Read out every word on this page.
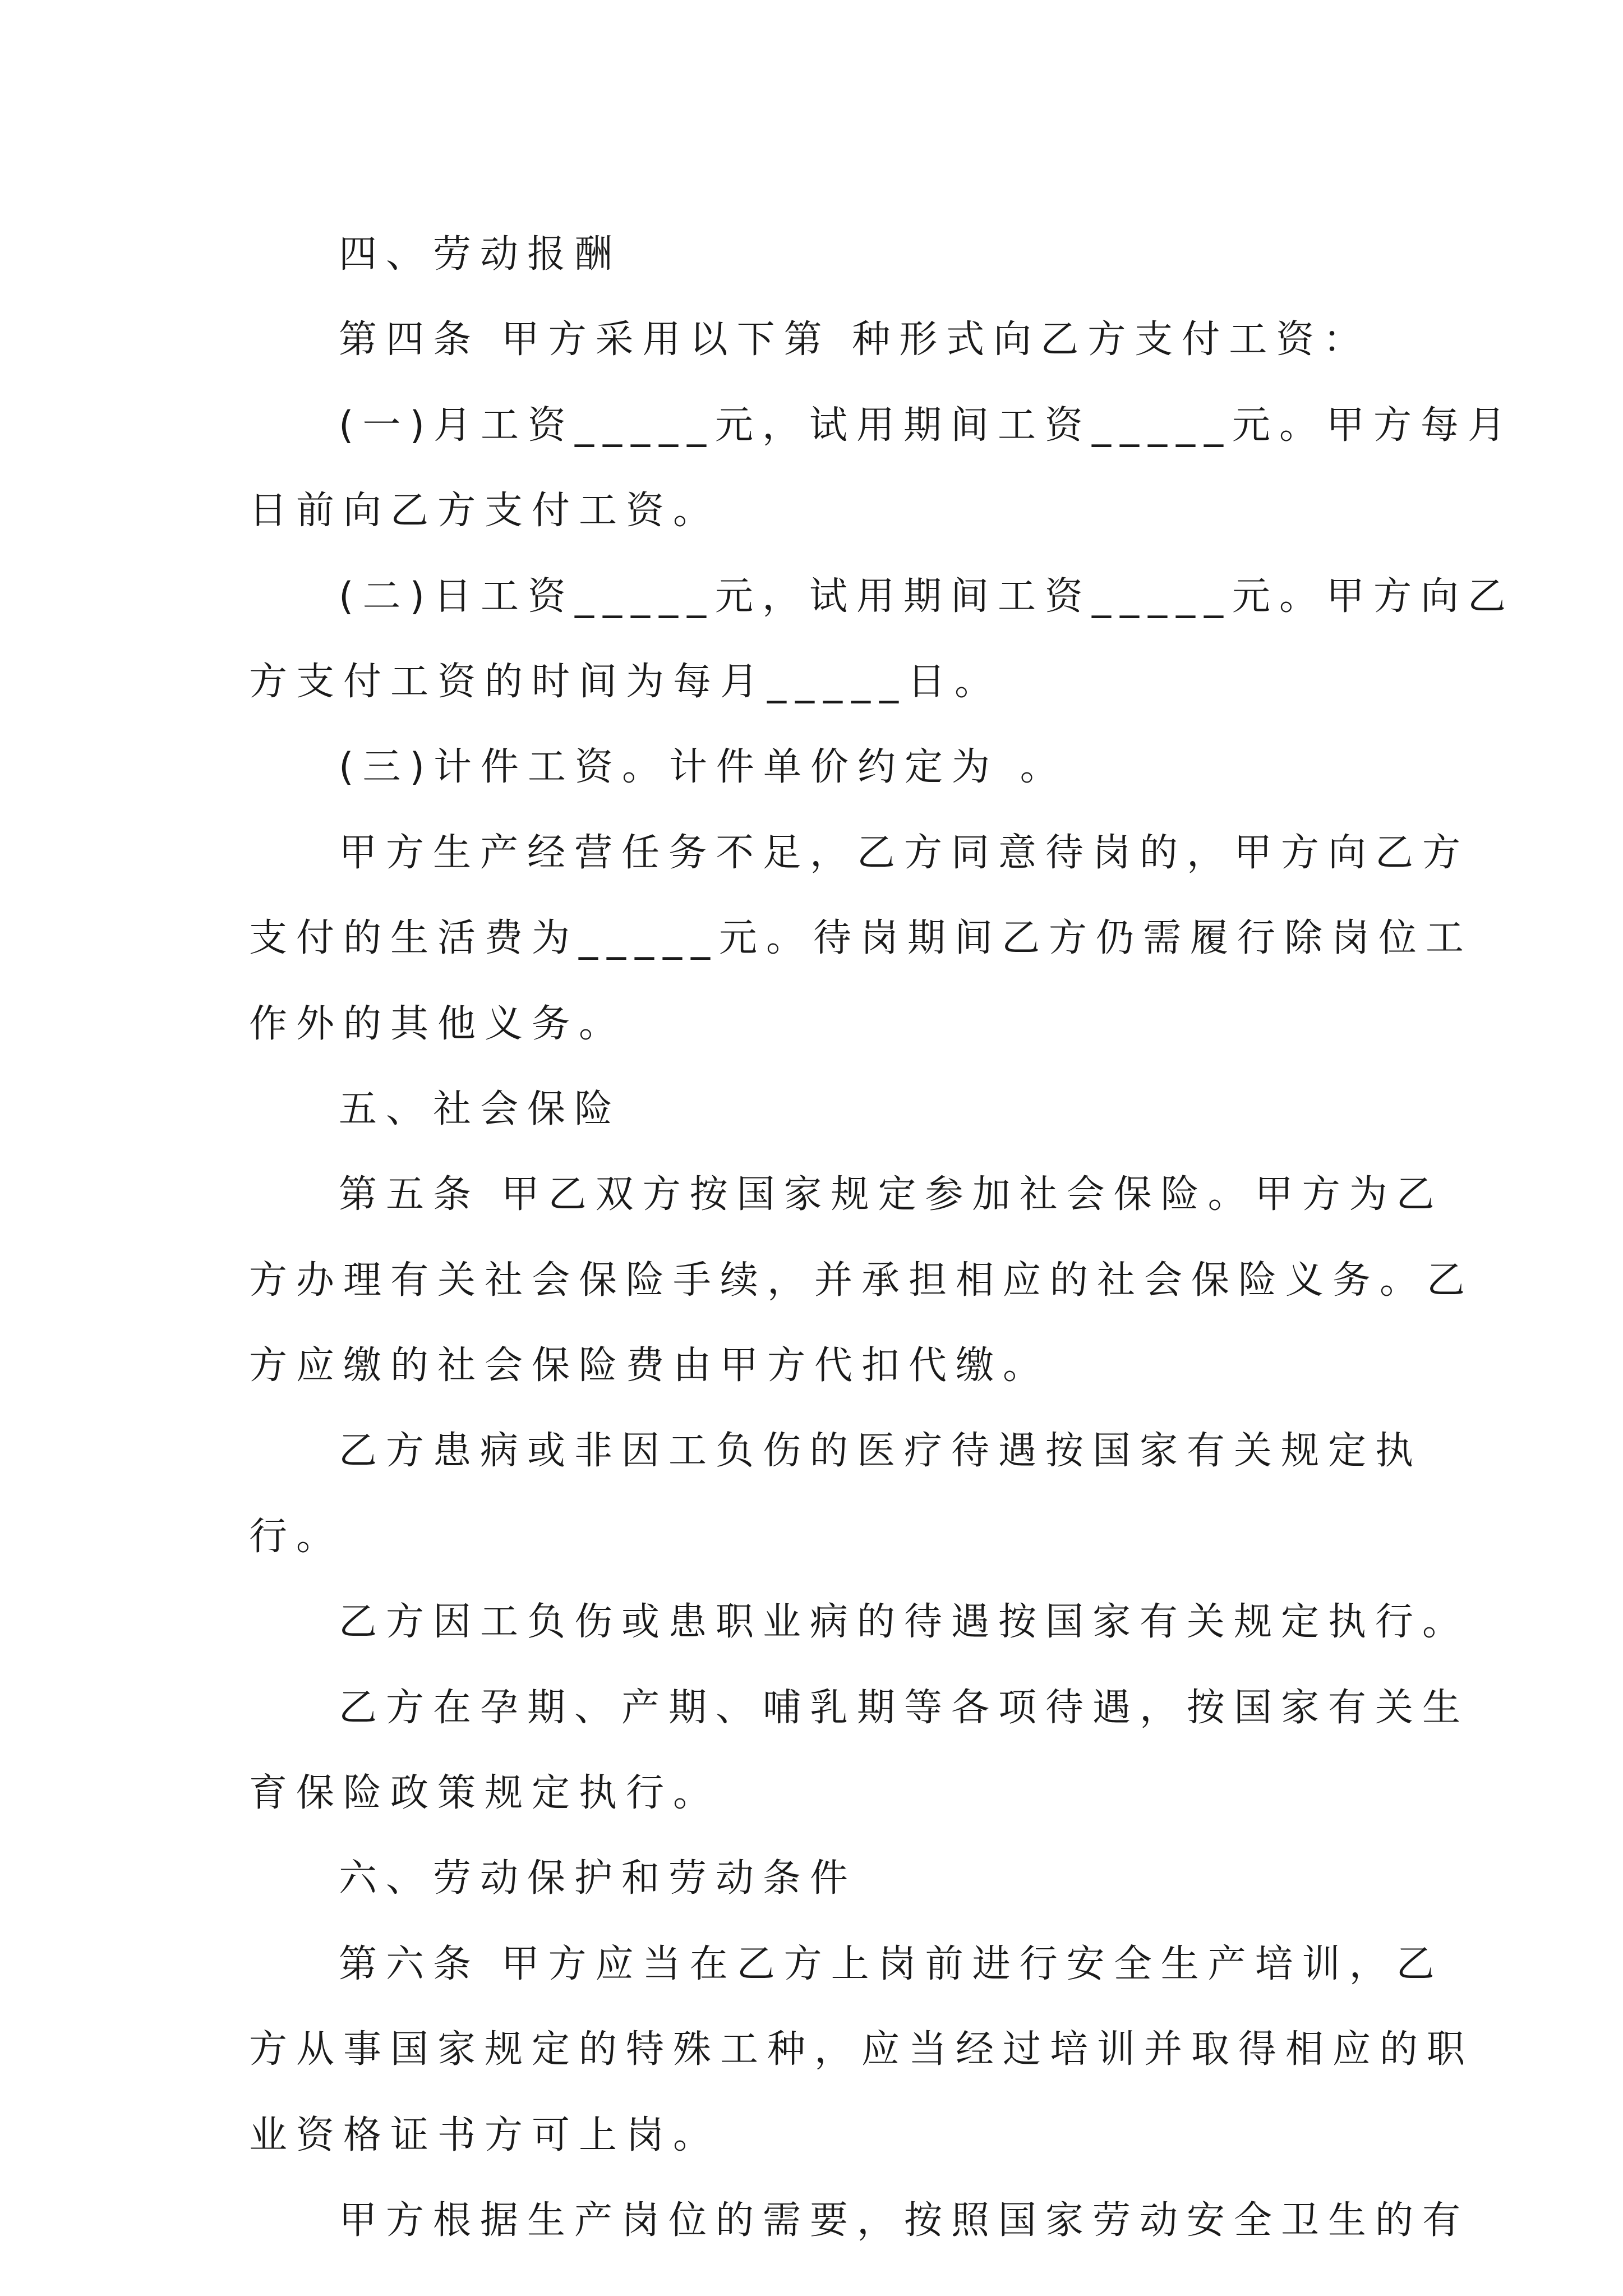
四、劳动报酬
第四条 甲方采用以下第 种形式向乙方支付工资：
(一)月工资_____元，试用期间工资_____元。甲方每月
日前向乙方支付工资。
(二)日工资_____元，试用期间工资_____元。甲方向乙
方支付工资的时间为每月_____日。
(三)计件工资。计件单价约定为 。
甲方生产经营任务不足，乙方同意待岗的，甲方向乙方
支付的生活费为_____元。待岗期间乙方仍需履行除岗位工
作外的其他义务。
五、社会保险
第五条 甲乙双方按国家规定参加社会保险。甲方为乙
方办理有关社会保险手续，并承担相应的社会保险义务。乙
方应缴的社会保险费由甲方代扣代缴。
乙方患病或非因工负伤的医疗待遇按国家有关规定执
行。
乙方因工负伤或患职业病的待遇按国家有关规定执行。
乙方在孕期、产期、哺乳期等各项待遇，按国家有关生
育保险政策规定执行。
六、劳动保护和劳动条件
第六条 甲方应当在乙方上岗前进行安全生产培训，乙
方从事国家规定的特殊工种，应当经过培训并取得相应的职
业资格证书方可上岗。
甲方根据生产岗位的需要，按照国家劳动安全卫生的有
